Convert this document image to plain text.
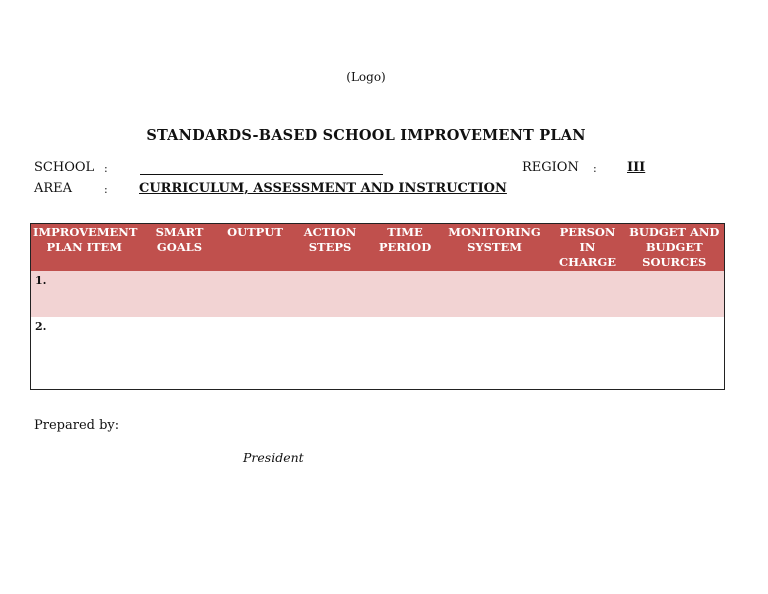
(Logo)
STANDARDS-BASED SCHOOL IMPROVEMENT PLAN
SCHOOL :	REGION : III
AREA	: CURRICULUM, ASSESSMENT AND INSTRUCTION
IMPROVEMENT PLAN ITEM	SMART GOALS	OUTPUT	ACTION STEPS	TIME PERIOD	MONITORING SYSTEM	PERSON IN CHARGE	BUDGET AND BUDGET SOURCES
1.							
2.							
Prepared by:
President
